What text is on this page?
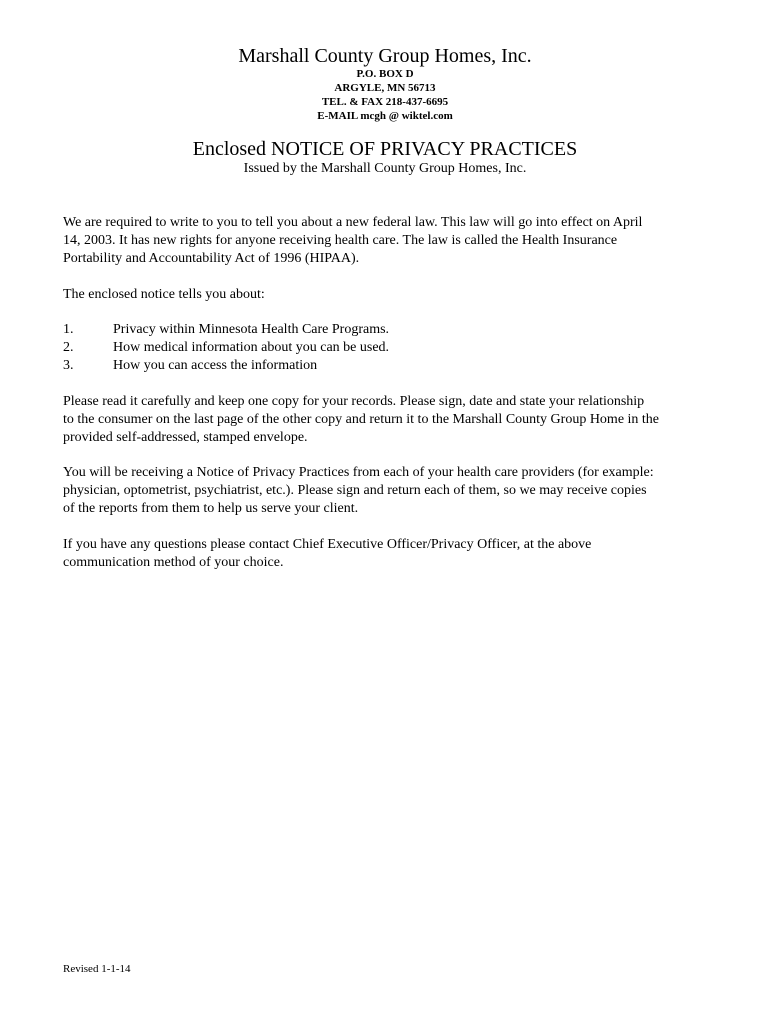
Marshall County Group Homes, Inc.
P.O. BOX D
ARGYLE, MN 56713
TEL. & FAX 218-437-6695
E-MAIL mcgh @ wiktel.com
Enclosed NOTICE OF PRIVACY PRACTICES
Issued by the Marshall County Group Homes, Inc.
We are required to write to you to tell you about a new federal law. This law will go into effect on April
14, 2003. It has new rights for anyone receiving health care. The law is called the Health Insurance
Portability and Accountability Act of 1996 (HIPAA).
The enclosed notice tells you about:
1.	Privacy within Minnesota Health Care Programs.
2.	How medical information about you can be used.
3.	How you can access the information
Please read it carefully and keep one copy for your records. Please sign, date and state your relationship
to the consumer on the last page of the other copy and return it to the Marshall County Group Home in the
provided self-addressed, stamped envelope.
You will be receiving a Notice of Privacy Practices from each of your health care providers (for example:
physician, optometrist, psychiatrist, etc.). Please sign and return each of them, so we may receive copies
of the reports from them to help us serve your client.
If you have any questions please contact Chief Executive Officer/Privacy Officer, at the above
communication method of your choice.
Revised 1-1-14
